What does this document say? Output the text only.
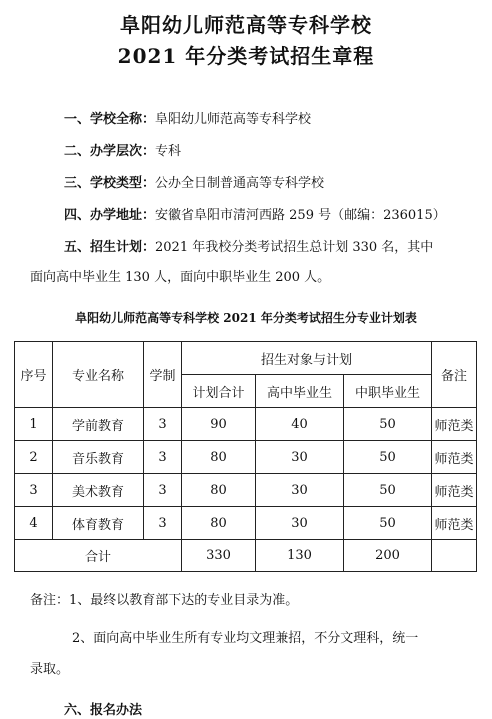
阜阳幼儿师范高等专科学校
2021 年分类考试招生章程
一、学校全称：阜阳幼儿师范高等专科学校
二、办学层次：专科
三、学校类型：公办全日制普通高等专科学校
四、办学地址：安徽省阜阳市清河西路 259 号（邮编：236015）
五、招生计划：2021 年我校分类考试招生总计划 330 名，其中
面向高中毕业生 130 人，面向中职毕业生 200 人。
阜阳幼儿师范高等专科学校 2021 年分类考试招生分专业计划表
序号	专业名称	学制	招生对象与计划			备注
			计划合计	高中毕业生	中职毕业生	
1	学前教育	3	90	40	50	师范类
2	音乐教育	3	80	30	50	师范类
3	美术教育	3	80	30	50	师范类
4	体育教育	3	80	30	50	师范类
合计			330	130	200	
备注：1、最终以教育部下达的专业目录为准。
2、面向高中毕业生所有专业均文理兼招，不分文理科，统一
录取。
六、报名办法
